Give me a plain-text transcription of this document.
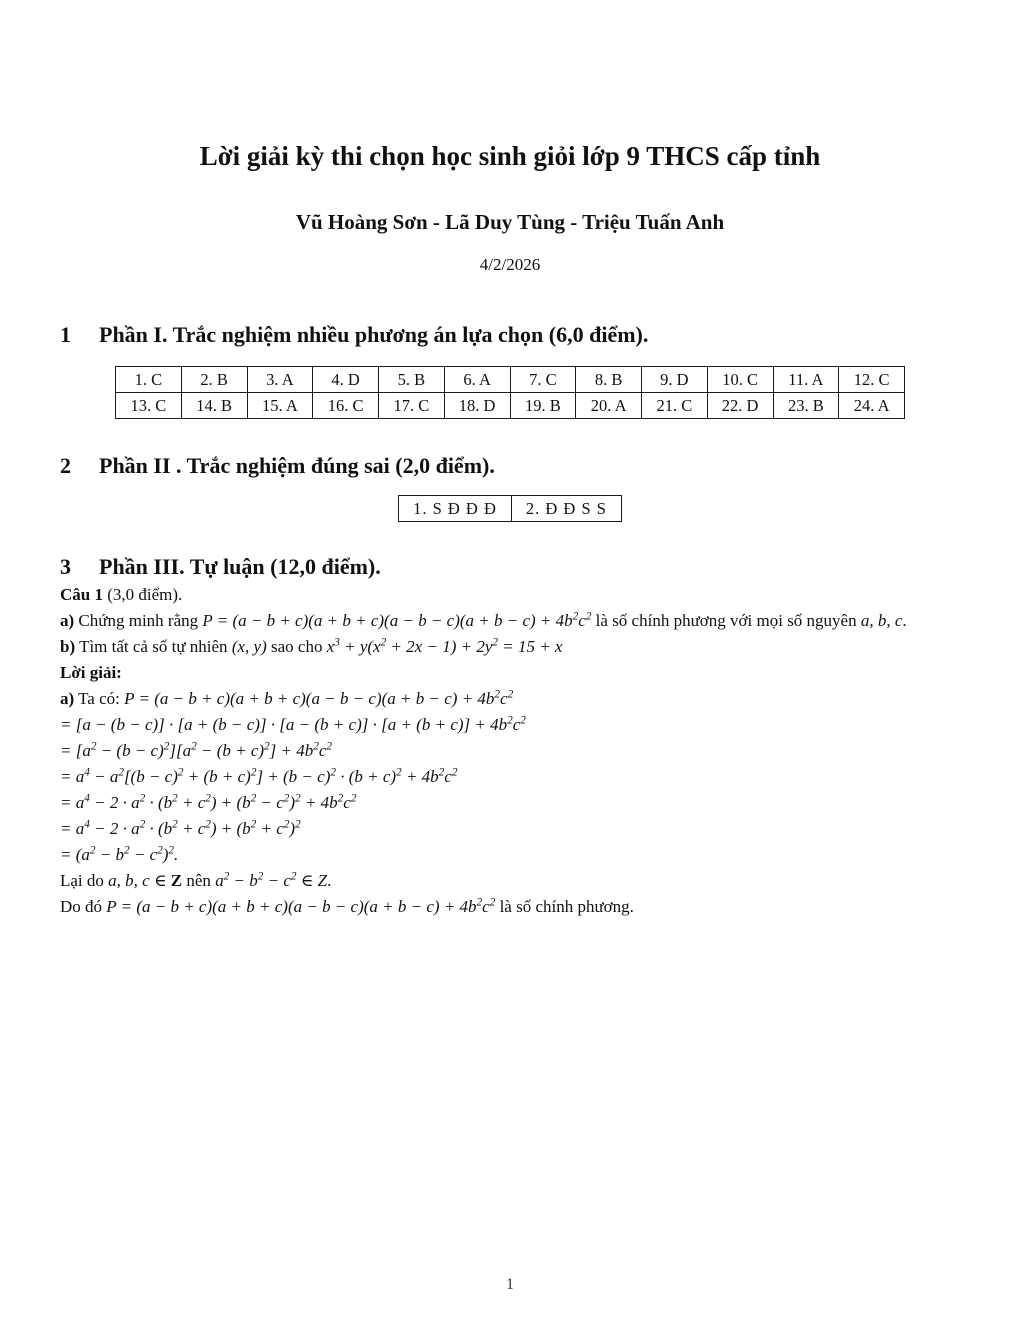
Lời giải kỳ thi chọn học sinh giỏi lớp 9 THCS cấp tỉnh
Vũ Hoàng Sơn - Lã Duy Tùng - Triệu Tuấn Anh
4/2/2026
1 Phần I. Trắc nghiệm nhiều phương án lựa chọn (6,0 điểm).
1. C	2. B	3. A	4. D	5. B	6. A	7. C	8. B	9. D	10. C	11. A	12. C
13. C	14. B	15. A	16. C	17. C	18. D	19. B	20. A	21. C	22. D	23. B	24. A
2 Phần II . Trắc nghiệm đúng sai (2,0 điểm).
1. S Đ Đ Đ	2. Đ Đ S S
3 Phần III. Tự luận (12,0 điểm).

Câu 1 (3,0 điểm).

a) Chứng minh rằng $P = (a - b + c)(a + b + c)(a - b - c)(a + b - c) + 4b^2c^2$ là số chính phương với mọi số nguyên a, b, c.

b) Tìm tất cả số tự nhiên (x, y) sao cho $x^3 + y(x^2 + 2x - 1) + 2y^2 = 15 + x$

Lời giải:

a) Ta có: $P = (a - b + c)(a + b + c)(a - b - c)(a + b - c) + 4b^2c^2$

= $[a - (b - c)] \cdot [a + (b - c)] \cdot [a - (b + c)] \cdot [a + (b + c)] + 4b^2c^2$

= $[a^2 - (b - c)^2][a^2 - (b + c)^2] + 4b^2c^2$

= $a^4 - a^2[(b - c)^2 + (b + c)^2] + (b - c)^2 \cdot (b + c)^2 + 4b^2c^2$

= $a^4 - 2 \cdot a^2 \cdot (b^2 + c^2) + (b^2 - c^2)^2 + 4b^2c^2$

= $a^4 - 2 \cdot a^2 \cdot (b^2 + c^2) + (b^2 + c^2)^2$

= $(a^2 - b^2 - c^2)^2$.

Lại do a, b, c ∈ Z nên $a^2 - b^2 - c^2$ ∈ Z.

Do đó $P = (a - b + c)(a + b + c)(a - b - c)(a + b - c) + 4b^2c^2$ là số chính phương.

1
